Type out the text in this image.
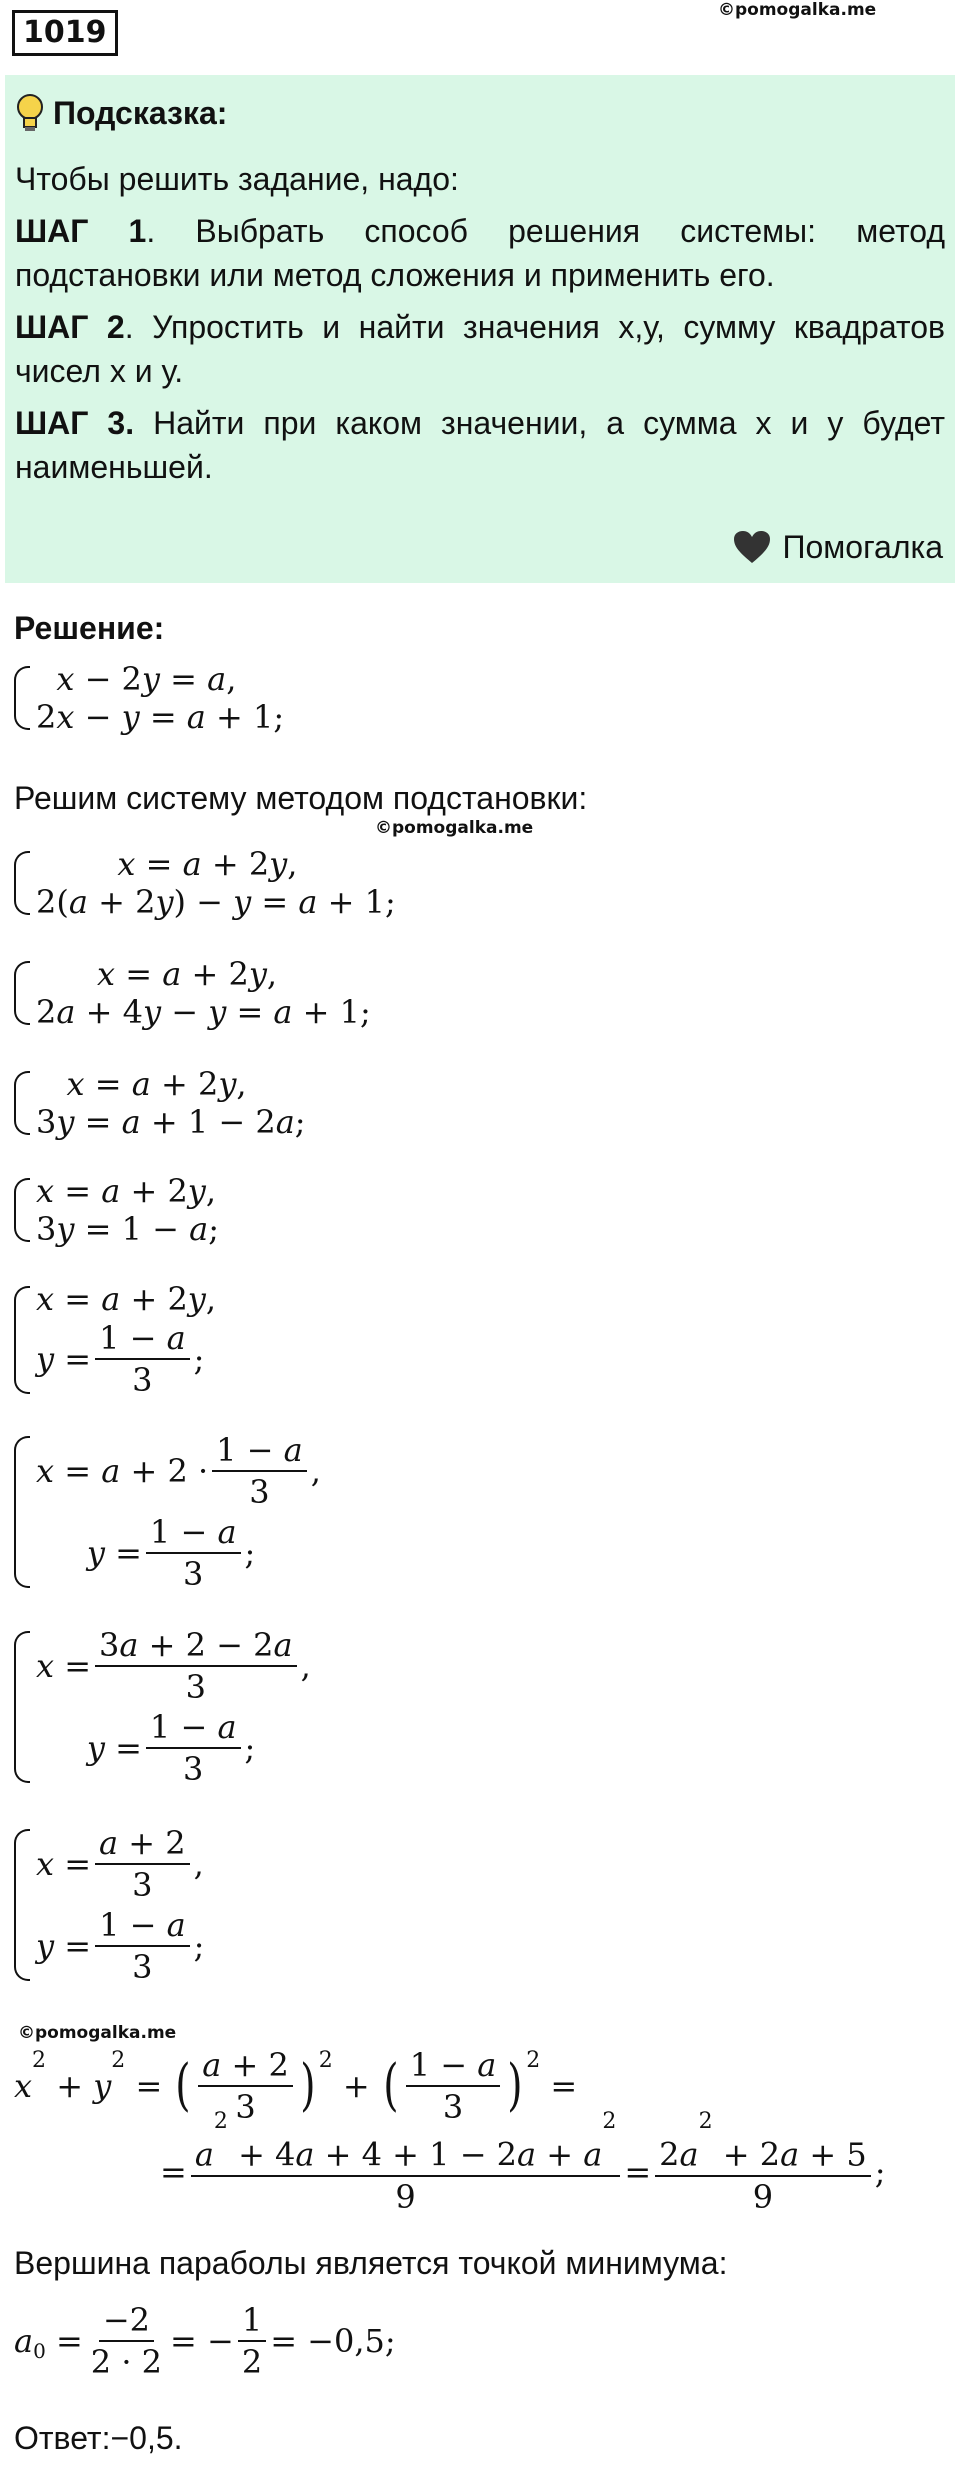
1019
©pomogalka.me
Подсказка:

Чтобы решить задание, надо:

ШАГ 1. Выбрать способ решения системы: метод подстановки или метод сложения и применить его.

ШАГ 2. Упростить и найти значения х,у, сумму квадратов чисел х и у.

ШАГ 3. Найти при каком значении, а сумма х и у будет наименьшей.

Помогалка
Решение:

x − 2 y = a ,
2 x − y = a + 1;
Решим систему методом подстановки:
©pomogalka.me

x = a + 2 y ,
2( a + 2 y ) − y = a + 1;

x = a + 2 y ,
2 a + 4 y − y = a + 1;

x = a + 2 y ,
3 y = a + 1 − 2 a ;
x = a + 2 y ,
3 y = 1 − a ;
x = a + 2 y ,
$y = \frac{1 - a}{3}$ ;
$x = a + 2 \cdot \frac{1 - a}{3}$ ,

$y = \frac{1 - a}{3}$ ;
$x = \frac{3a + 2 - 2a}{3}$ ,

$y = \frac{1 - a}{3}$ ;
$x = \frac{a + 2}{3}$ ,
$y = \frac{1 - a}{3}$ ;
©pomogalka.me
x
$^2$
+ y
$^2$
= ( $\frac{a + 2}{3} )^2$
+ ( $\frac{1 - a}{3} )^2$
=
= $\frac{a^2 + 4a + 4 + 1 - 2a + a^2}{9} = \frac{2a^2 + 2a + 5}{9}$ ;
Вершина параболы является точкой минимума:
$a_0 = \frac{-2}{2 \cdot 2}$ = − $\frac{1}{2} = -0,5$;
Ответ:−0,5.
